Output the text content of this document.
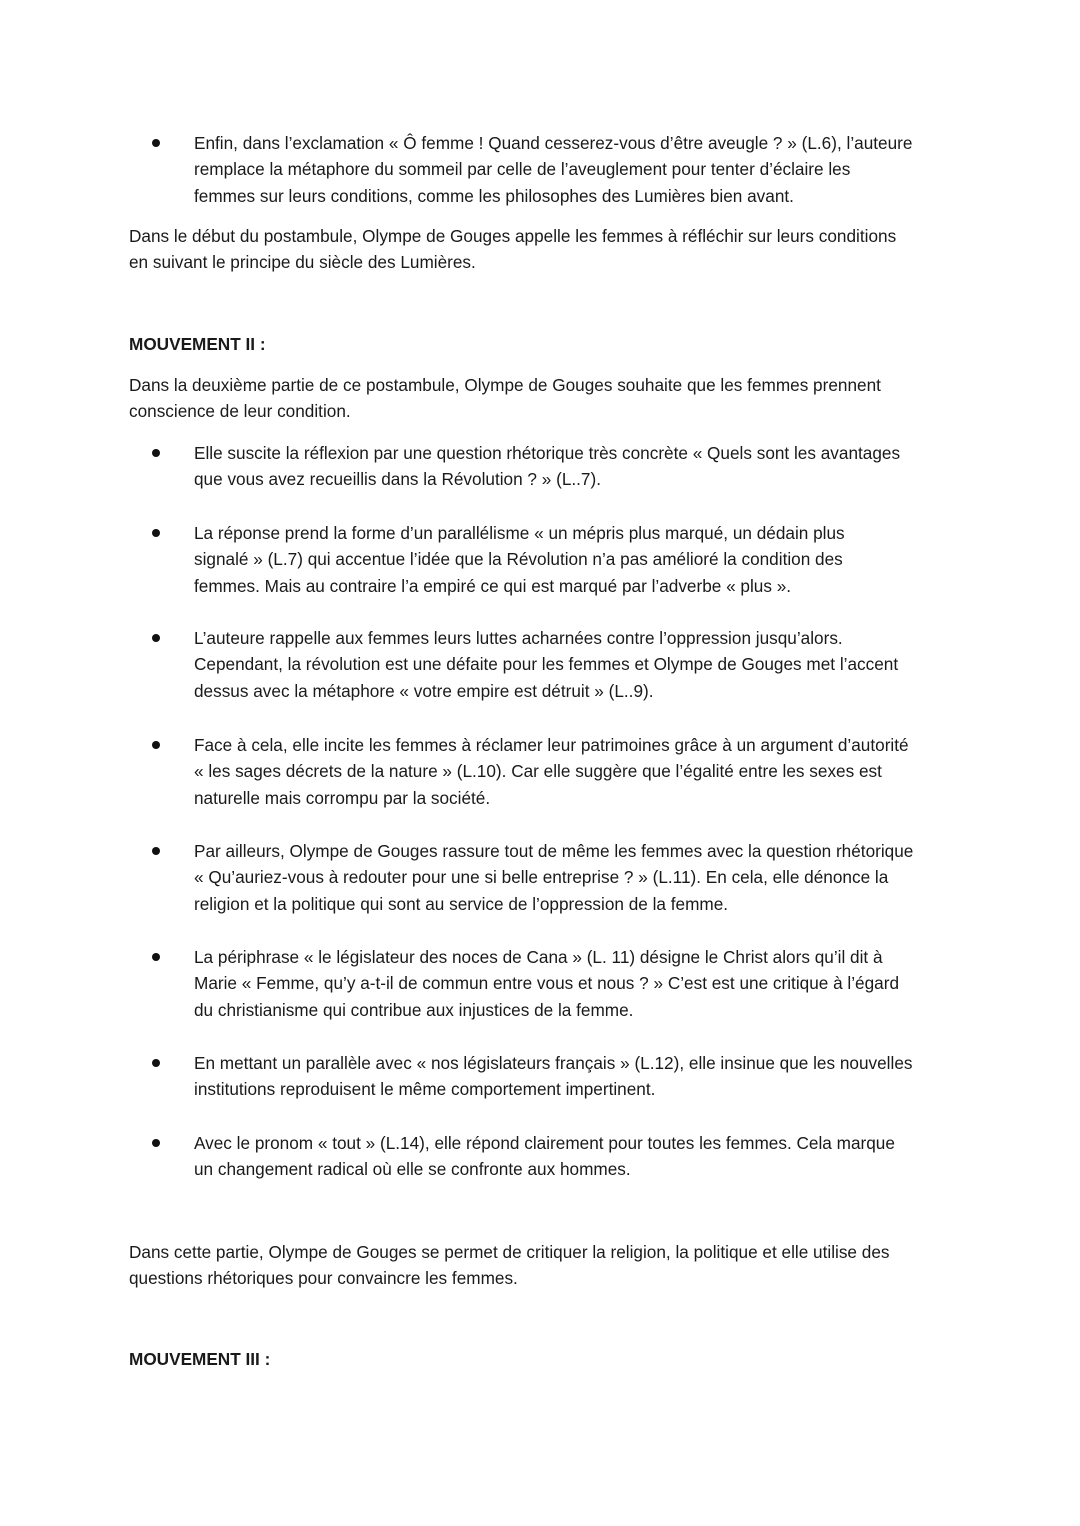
Enfin, dans l’exclamation « Ô femme ! Quand cesserez-vous d’être aveugle ? » (L.6), l’auteure
remplace la métaphore du sommeil par celle de l’aveuglement pour tenter d’éclaire les
femmes sur leurs conditions, comme les philosophes des Lumières bien avant.

Dans le début du postambule, Olympe de Gouges appelle les femmes à réfléchir sur leurs conditions
en suivant le principe du siècle des Lumières.

MOUVEMENT II :

Dans la deuxième partie de ce postambule, Olympe de Gouges souhaite que les femmes prennent
conscience de leur condition.

Elle suscite la réflexion par une question rhétorique très concrète « Quels sont les avantages
que vous avez recueillis dans la Révolution ? » (L..7).

La réponse prend la forme d’un parallélisme « un mépris plus marqué, un dédain plus
signalé » (L.7) qui accentue l’idée que la Révolution n’a pas amélioré la condition des
femmes. Mais au contraire l’a empiré ce qui est marqué par l’adverbe « plus ».

L’auteure rappelle aux femmes leurs luttes acharnées contre l’oppression jusqu’alors.
Cependant, la révolution est une défaite pour les femmes et Olympe de Gouges met l’accent
dessus avec la métaphore « votre empire est détruit » (L..9).

Face à cela, elle incite les femmes à réclamer leur patrimoines grâce à un argument d’autorité
« les sages décrets de la nature » (L.10). Car elle suggère que l’égalité entre les sexes est
naturelle mais corrompu par la société.

Par ailleurs, Olympe de Gouges rassure tout de même les femmes avec la question rhétorique
« Qu’auriez-vous à redouter pour une si belle entreprise ? » (L.11). En cela, elle dénonce la
religion et la politique qui sont au service de l’oppression de la femme.

La périphrase « le législateur des noces de Cana » (L. 11) désigne le Christ alors qu’il dit à
Marie « Femme, qu’y a-t-il de commun entre vous et nous ? » C’est est une critique à l’égard
du christianisme qui contribue aux injustices de la femme.

En mettant un parallèle avec « nos législateurs français » (L.12), elle insinue que les nouvelles
institutions reproduisent le même comportement impertinent.

Avec le pronom « tout » (L.14), elle répond clairement pour toutes les femmes. Cela marque
un changement radical où elle se confronte aux hommes.

Dans cette partie, Olympe de Gouges se permet de critiquer la religion, la politique et elle utilise des
questions rhétoriques pour convaincre les femmes.

MOUVEMENT III :
